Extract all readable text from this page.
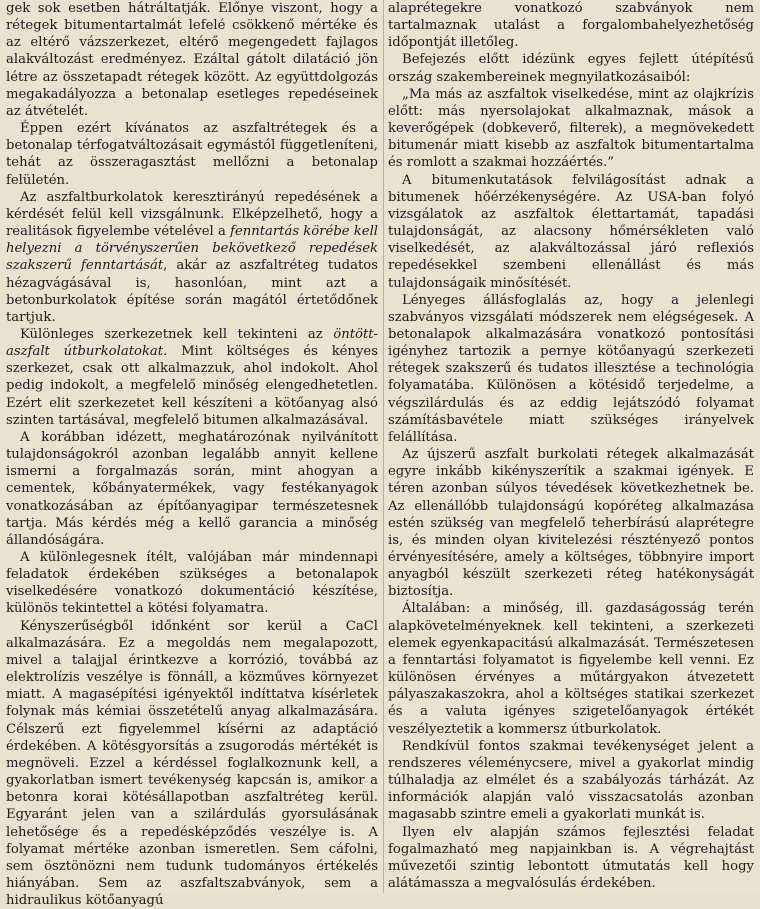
gek sok esetben hátráltatják. Előnye viszont, hogy a rétegek bitumentartalmát lefelé csökkenő mértéke és az eltérő vázszerkezet, eltérő megengedett fajlagos alakváltozást eredményez. Ezáltal gátolt dilatáció jön létre az összetapadt rétegek között. Az együttdolgozás megakadályozza a betonalap esetleges repedéseinek az átvételét.

Éppen ezért kívánatos az aszfaltrétegek és a betonalap térfogatváltozásait egymástól függetleníteni, tehát az összeragasztást mellőzni a betonalap felületén.

Az aszfaltburkolatok keresztirányú repedésének a kérdését felül kell vizsgálnunk. Elképzelhető, hogy a realitások figyelembe vételével a fenntartás körébe kell helyezni a törvényszerűen bekövetkező repedések szakszerű fenntartását, akár az aszfaltréteg tudatos hézagvágásával is, hasonlóan, mint azt a betonburkolatok építése során magától értetődőnek tartjuk.

Különleges szerkezetnek kell tekinteni az öntött-aszfalt útburkolatokat. Mint költséges és kényes szerkezet, csak ott alkalmazzuk, ahol indokolt. Ahol pedig indokolt, a megfelelő minőség elengedhetetlen. Ezért elit szerkezetet kell készíteni a kötőanyag alsó szinten tartásával, megfelelő bitumen alkalmazásával.

A korábban idézett, meghatározónak nyilvánított tulajdonságokról azonban legalább annyit kellene ismerni a forgalmazás során, mint ahogyan a cementek, kőbányatermékek, vagy festékanyagok vonatkozásában az építőanyagipar természetesnek tartja. Más kérdés még a kellő garancia a minőség állandóságára.

A különlegesnek ítélt, valójában már mindennapi feladatok érdekében szükséges a betonalapok viselkedésére vonatkozó dokumentáció készítése, különös tekintettel a kötési folyamatra.

Kényszerűségből időnként sor kerül a CaCl alkalmazására. Ez a megoldás nem megalapozott, mivel a talajjal érintkezve a korrózió, továbbá az elektrolízis veszélye is fönnáll, a közműves környezet miatt. A magasépítési igényektől indíttatva kísérletek folynak más kémiai összetételű anyag alkalmazására. Célszerű ezt figyelemmel kísérni az adaptáció érdekében. A kötésgyorsítás a zsugorodás mértékét is megnöveli. Ezzel a kérdéssel foglalkoznunk kell, a gyakorlatban ismert tevékenység kapcsán is, amikor a betonra korai kötésállapotban aszfaltréteg kerül. Egyaránt jelen van a szilárdulás gyorsulásának lehetősége és a repedésképződés veszélye is. A folyamat mértéke azonban ismeretlen. Sem cáfolni, sem ösztönözni nem tudunk tudományos értékelés hiányában. Sem az aszfaltszabványok, sem a hidraulikus kötőanyagú

alaprétegekre vonatkozó szabványok nem tartalmaznak utalást a forgalombahelyezhetőség időpontját illetőleg.

Befejezés előtt idézünk egyes fejlett útépítésű ország szakembereinek megnyilatkozásaiból:

„Ma más az aszfaltok viselkedése, mint az olajkrízis előtt: más nyersolajokat alkalmaznak, mások a keverőgépek (dobkeverő, filterek), a megnövekedett bitumenár miatt kisebb az aszfaltok bitumentartalma és romlott a szakmai hozzáértés.”

A bitumenkutatások felvilágosítást adnak a bitumenek hőérzékenységére. Az USA-ban folyó vizsgálatok az aszfaltok élettartamát, tapadási tulajdonságát, az alacsony hőmérsékleten való viselkedését, az alakváltozással járó reflexiós repedésekkel szembeni ellenállást és más tulajdonságaik minősítését.

Lényeges állásfoglalás az, hogy a jelenlegi szabványos vizsgálati módszerek nem elégségesek. A betonalapok alkalmazására vonatkozó pontosítási igényhez tartozik a pernye kötőanyagú szerkezeti rétegek szakszerű és tudatos illesztése a technológia folyamatába. Különösen a kötésidő terjedelme, a végszilárdulás és az eddig lejátszódó folyamat számításbavétele miatt szükséges irányelvek felállítása.

Az újszerű aszfalt burkolati rétegek alkalmazását egyre inkább kikényszerítik a szakmai igények. E téren azonban súlyos tévedések következhetnek be. Az ellenállóbb tulajdonságú kopóréteg alkalmazása estén szükség van megfelelő teherbírású alaprétegre is, és minden olyan kivitelezési résztényező pontos érvényesítésére, amely a költséges, többnyire import anyagból készült szerkezeti réteg hatékonyságát biztosítja.

Általában: a minőség, ill. gazdaságosság terén alapkövetelményeknek kell tekinteni, a szerkezeti elemek egyenkapacitású alkalmazását. Természetesen a fenntartási folyamatot is figyelembe kell venni. Ez különösen érvényes a műtárgyakon átvezetett pályaszakaszokra, ahol a költséges statikai szerkezet és a valuta igényes szigetelőanyagok értékét veszélyeztetik a kommersz útburkolatok.

Rendkívül fontos szakmai tevékenységet jelent a rendszeres véleménycsere, mivel a gyakorlat mindig túlhaladja az elmélet és a szabályozás tárházát. Az információk alapján való visszacsatolás azonban magasabb szintre emeli a gyakorlati munkát is.

Ilyen elv alapján számos fejlesztési feladat fogalmazható meg napjainkban is. A végrehajtást művezetői szintig lebontott útmutatás kell hogy alátámassza a megvalósulás érdekében.
